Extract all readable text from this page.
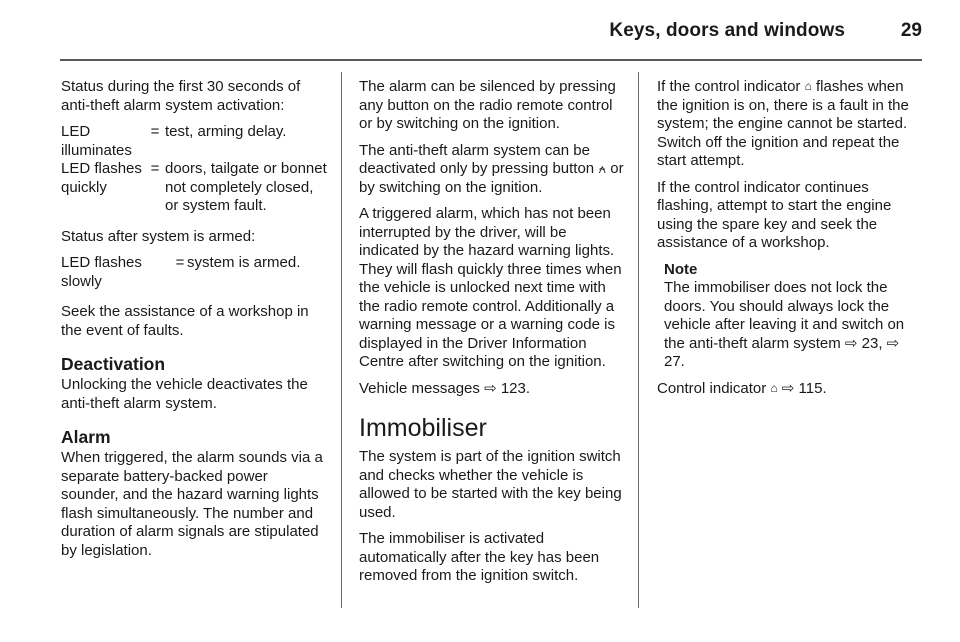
Keys, doors and windows	29

Status during the first 30 seconds of anti-theft alarm system activation:

LED illuminates
= test, arming delay.
LED flashes quickly
= doors, tailgate or bonnet not completely closed, or system fault.

Status after system is armed:

LED flashes slowly
= system is armed.

Seek the assistance of a workshop in the event of faults.

Deactivation

Unlocking the vehicle deactivates the anti-theft alarm system.

Alarm

When triggered, the alarm sounds via a separate battery-backed power sounder, and the hazard warning lights flash simultaneously. The number and duration of alarm signals are stipulated by legislation.

The alarm can be silenced by pressing any button on the radio remote control or by switching on the ignition.

The anti-theft alarm system can be deactivated only by pressing button ⍲ or by switching on the ignition.

A triggered alarm, which has not been interrupted by the driver, will be indicated by the hazard warning lights. They will flash quickly three times when the vehicle is unlocked next time with the radio remote control. Additionally a warning message or a warning code is displayed in the Driver Information Centre after switching on the ignition.

Vehicle messages ⇨ 123.

Immobiliser

The system is part of the ignition switch and checks whether the vehicle is allowed to be started with the key being used.

The immobiliser is activated automatically after the key has been removed from the ignition switch.

If the control indicator ⌂ flashes when the ignition is on, there is a fault in the system; the engine cannot be started. Switch off the ignition and repeat the start attempt.

If the control indicator continues flashing, attempt to start the engine using the spare key and seek the assistance of a workshop.

Note
The immobiliser does not lock the doors. You should always lock the vehicle after leaving it and switch on the anti-theft alarm system ⇨ 23, ⇨ 27.

Control indicator ⌂ ⇨ 115.
